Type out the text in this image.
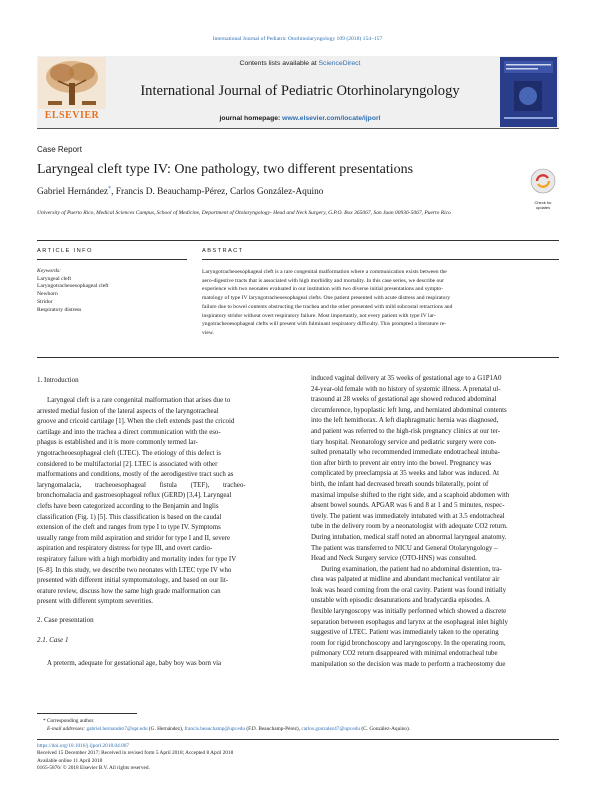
International Journal of Pediatric Otorhinolaryngology 109 (2018) 154–157
ELSEVIER
Contents lists available at ScienceDirect
International Journal of Pediatric Otorhinolaryngology
journal homepage: www.elsevier.com/locate/ijporl
Case Report
Laryngeal cleft type IV: One pathology, two different presentations
Check for updates
Gabriel Hernández*, Francis D. Beauchamp-Pérez, Carlos González-Aquino
University of Puerto Rico, Medical Sciences Campus, School of Medicine, Department of Otolaryngology- Head and Neck Surgery, G.P.O. Box 365067, San Juan 00936-5067, Puerto Rico
ARTICLE INFO	ABSTRACT
Keywords:
Laryngeal cleft
Laryngotracheoesophageal cleft
Newborn
Stridor
Respiratory distress
Laryngotracheoesophageal cleft is a rare congenital malformation where a communication exists between the
aero-digestive tracts that is associated with high morbidity and mortality. In this case series, we describe our
experience with two neonates evaluated in our institution with two diverse initial presentations and sympto-
matology of type IV laryngotracheoesophageal clefts. One patient presented with acute distress and respiratory
failure due to bowel contents obstructing the trachea and the other presented with mild subcostal retractions and
inspiratory stridor without overt respiratory failure. Most importantly, not every patient with type IV lar-
yngotracheoesophageal clefts will present with fulminant respiratory difficulty. This prompted a literature re-
view.
1. Introduction
Laryngeal cleft is a rare congenital malformation that arises due to
arrested medial fusion of the lateral aspects of the laryngotracheal
groove and cricoid cartilage [1]. When the cleft extends past the cricoid
cartilage and into the trachea a direct communication with the eso-
phagus is established and it is more commonly termed lar-
yngotracheoesophageal cleft (LTEC). The etiology of this defect is
considered to be multifactorial [2]. LTEC is associated with other
malformations and conditions, mostly of the aerodigestive tract such as
laryngomalacia,        tracheoesophageal        fistula        (TEF),        tracheo-
bronchomalacia and gastroesophageal reflux (GERD) [3,4]. Laryngeal
clefts have been categorized according to the Benjamin and Inglis
classification (Fig. 1) [5]. This classification is based on the caudal
extension of the cleft and ranges from type I to type IV. Symptoms
usually range from mild aspiration and stridor for type I and II, severe
aspiration and respiratory distress for type III, and overt cardio-
respiratory failure with a high morbidity and mortality index for type IV
[6–8]. In this study, we describe two neonates with LTEC type IV who
presented with different initial symptomatology, and based on our lit-
erature review, discuss how the same high grade malformation can
present with different symptom severities.
2. Case presentation
2.1. Case 1
A preterm, adequate for gestational age, baby boy was born via
induced vaginal delivery at 35 weeks of gestational age to a G1P1A0
24-year-old female with no history of systemic illness. A prenatal ul-
trasound at 28 weeks of gestational age showed reduced abdominal
circumference, hypoplastic left lung, and herniated abdominal contents
into the left hemithorax. A left diaphragmatic hernia was diagnosed,
and patient was referred to the high-risk pregnancy clinics at our ter-
tiary hospital. Neonatology service and pediatric surgery were con-
sulted prenatally who recommended immediate endotracheal intuba-
tion after birth to prevent air entry into the bowel. Pregnancy was
complicated by preeclampsia at 35 weeks and labor was induced. At
birth, the infant had decreased breath sounds bilaterally, point of
maximal impulse shifted to the right side, and a scaphoid abdomen with
absent bowel sounds. APGAR was 6 and 8 at 1 and 5 minutes, respec-
tively. The patient was immediately intubated with at 3.5 endotracheal
tube in the delivery room by a neonatologist with adequate CO2 return.
During intubation, medical staff noted an abnormal laryngeal anatomy.
The patient was transferred to NICU and General Otolaryngology –
Head and Neck Surgery service (OTO-HNS) was consulted.
During examination, the patient had no abdominal distention, tra-
chea was palpated at midline and abundant mechanical ventilator air
leak was heard coming from the oral cavity. Patient was found initially
unstable with episodic desaturations and bradycardia episodes. A
flexible laryngoscopy was initially performed which showed a discrete
separation between esophagus and larynx at the esophageal inlet highly
suggestive of LTEC. Patient was immediately taken to the operating
room for rigid bronchoscopy and laryngoscopy. In the operating room,
pulmonary CO2 return disappeared with minimal endotracheal tube
manipulation so the decision was made to perform a tracheostomy due
* Corresponding author.
E-mail addresses: gabriel.hernandez7@upr.edu (G. Hernández), francis.beauchamp@upr.edu (F.D. Beauchamp-Pérez), carlos.gonzalez47@upr.edu (C. González-Aquino).
https://doi.org/10.1016/j.ijporl.2018.04.007
Received 15 December 2017; Received in revised form 5 April 2018; Accepted 8 April 2018
Available online 11 April 2018
0165-5876/ © 2018 Elsevier B.V. All rights reserved.
